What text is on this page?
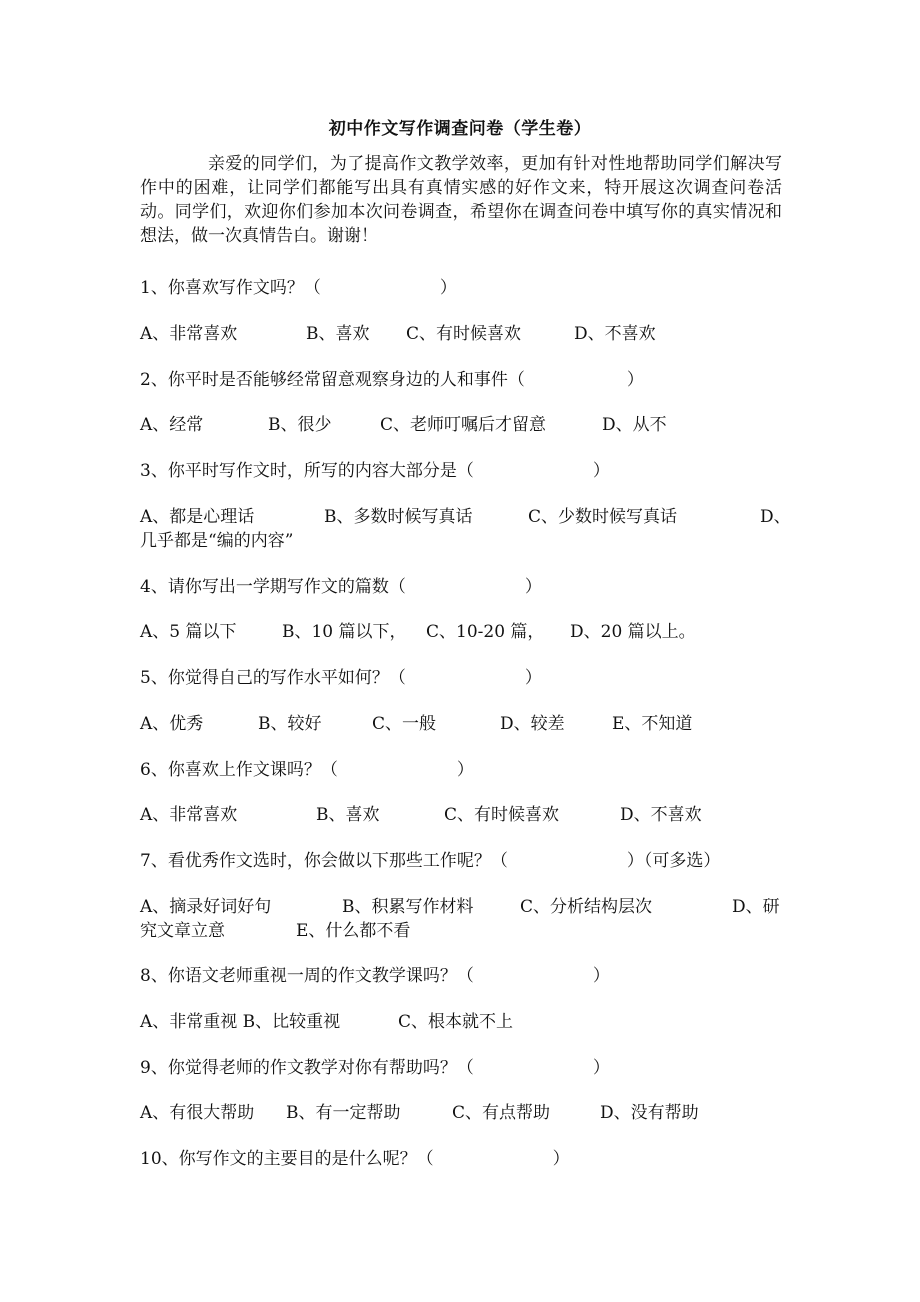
初中作文写作调查问卷（学生卷）

亲爱的同学们，为了提高作文教学效率，更加有针对性地帮助同学们解决写作中的困难，让同学们都能写出具有真情实感的好作文来，特开展这次调查问卷活动。同学们，欢迎你们参加本次问卷调查，希望你在调查问卷中填写你的真实情况和想法，做一次真情告白。谢谢！

1、你喜欢写作文吗？（　　　　　　　）
A、非常喜欢	B、喜欢 C、有时候喜欢	D、不喜欢
2、你平时是否能够经常留意观察身边的人和事件（　　　　　　）
A、经常	B、很少	C、老师叮嘱后才留意	D、从不
3、你平时写作文时，所写的内容大部分是（　　　　　　　）
A、都是心理话	B、多数时候写真话	C、少数时候写真话	D、
几乎都是“编的内容”
4、请你写出一学期写作文的篇数（　　　　　　　）
A、5 篇以下	B、10 篇以下， C、10-20 篇， D、20 篇以上。
5、你觉得自己的写作水平如何？（　　　　　　　）
A、优秀	B、较好	C、一般	D、较差	E、不知道
6、你喜欢上作文课吗？（　　　　　　　）
A、非常喜欢	B、喜欢	C、有时候喜欢	D、不喜欢
7、看优秀作文选时，你会做以下那些工作呢？（　　　　　　　）（可多选）
A、摘录好词好句	B、积累写作材料	C、分析结构层次	D、研
究文章立意	E、什么都不看
8、你语文老师重视一周的作文教学课吗？（　　　　　　　）
A、非常重视 B、比较重视	C、根本就不上
9、你觉得老师的作文教学对你有帮助吗？（　　　　　　　）
A、有很大帮助 B、有一定帮助	C、有点帮助	D、没有帮助
10、你写作文的主要目的是什么呢？（　　　　　　　）
